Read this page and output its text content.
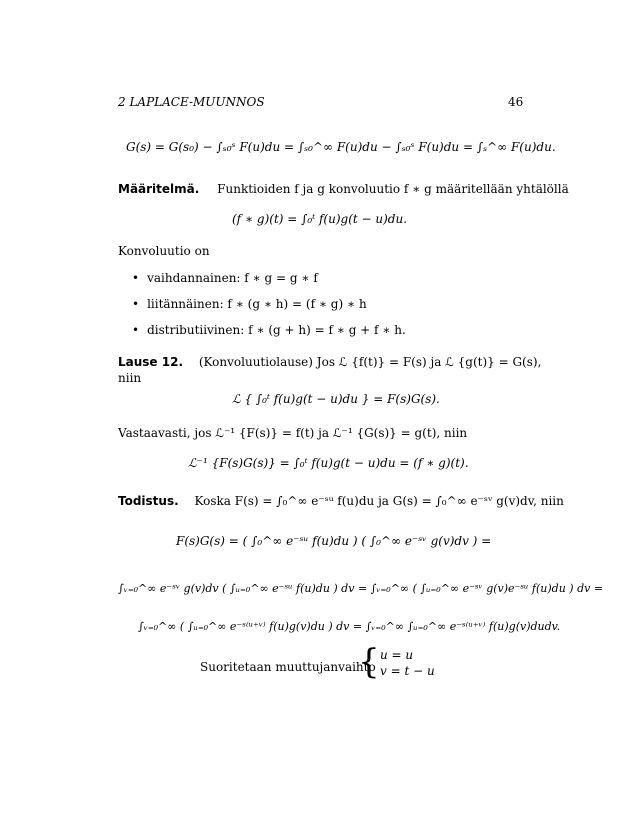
2 LAPLACE-MUUNNOS	46
G(s) = G(s₀) − ∫ₛ₀ˢ F(u)du = ∫ₛ₀^∞ F(u)du − ∫ₛ₀ˢ F(u)du = ∫ₛ^∞ F(u)du.
Määritelmä. Funktioiden f ja g konvoluutio f ∗ g määritellään yhtälöllä
(f ∗ g)(t) = ∫₀ᵗ f(u)g(t − u)du.
Konvoluutio on
• vaihdannainen: f ∗ g = g ∗ f
• liitännäinen: f ∗ (g ∗ h) = (f ∗ g) ∗ h
• distributiivinen: f ∗ (g + h) = f ∗ g + f ∗ h.
Lause 12. (Konvoluutiolause) Jos ℒ {f(t)} = F(s) ja ℒ {g(t)} = G(s),
niin
ℒ { ∫₀ᵗ f(u)g(t − u)du } = F(s)G(s).
Vastaavasti, jos ℒ⁻¹ {F(s)} = f(t) ja ℒ⁻¹ {G(s)} = g(t), niin
ℒ⁻¹ {F(s)G(s)} = ∫₀ᵗ f(u)g(t − u)du = (f ∗ g)(t).
Todistus. Koska F(s) = ∫₀^∞ e⁻ˢᵘ f(u)du ja G(s) = ∫₀^∞ e⁻ˢᵛ g(v)dv, niin
F(s)G(s) = ( ∫₀^∞ e⁻ˢᵘ f(u)du ) ( ∫₀^∞ e⁻ˢᵛ g(v)dv ) =
∫ᵥ₌₀^∞ e⁻ˢᵛ g(v)dv ( ∫ᵤ₌₀^∞ e⁻ˢᵘ f(u)du ) dv = ∫ᵥ₌₀^∞ ( ∫ᵤ₌₀^∞ e⁻ˢᵛ g(v)e⁻ˢᵘ f(u)du ) dv =
∫ᵥ₌₀^∞ ( ∫ᵤ₌₀^∞ e⁻ˢ⁽ᵘ⁺ᵛ⁾ f(u)g(v)du ) dv = ∫ᵥ₌₀^∞ ∫ᵤ₌₀^∞ e⁻ˢ⁽ᵘ⁺ᵛ⁾ f(u)g(v)dudv.
Suoritetaan muuttujanvaihto
{ u = u
v = t − u
